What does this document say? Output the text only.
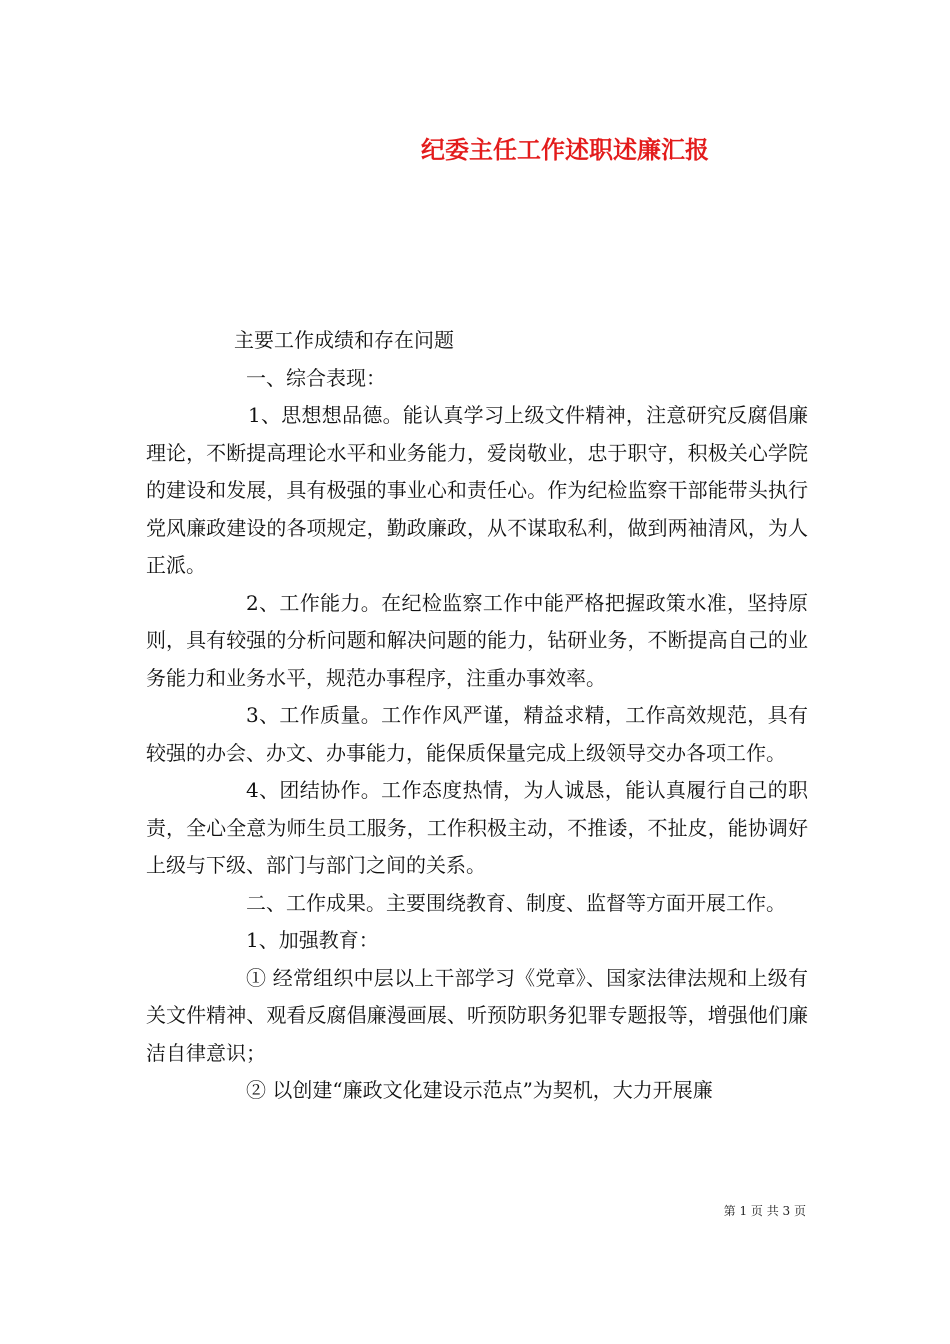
纪委主任工作述职述廉汇报

主要工作成绩和存在问题

一、综合表现：

1、思想想品德。能认真学习上级文件精神，注意研究反腐倡廉理论，不断提高理论水平和业务能力，爱岗敬业，忠于职守，积极关心学院的建设和发展，具有极强的事业心和责任心。作为纪检监察干部能带头执行党风廉政建设的各项规定，勤政廉政，从不谋取私利，做到两袖清风，为人正派。

2、工作能力。在纪检监察工作中能严格把握政策水准，坚持原则，具有较强的分析问题和解决问题的能力，钻研业务，不断提高自己的业务能力和业务水平，规范办事程序，注重办事效率。

3、工作质量。工作作风严谨，精益求精，工作高效规范，具有较强的办会、办文、办事能力，能保质保量完成上级领导交办各项工作。

4、团结协作。工作态度热情，为人诚恳，能认真履行自己的职责，全心全意为师生员工服务，工作积极主动，不推诿，不扯皮，能协调好上级与下级、部门与部门之间的关系。

二、工作成果。主要围绕教育、制度、监督等方面开展工作。

1、加强教育：

① 经常组织中层以上干部学习《党章》、国家法律法规和上级有关文件精神、观看反腐倡廉漫画展、听预防职务犯罪专题报等，增强他们廉洁自律意识；

② 以创建“廉政文化建设示范点”为契机，大力开展廉

第 1 页 共 3 页
